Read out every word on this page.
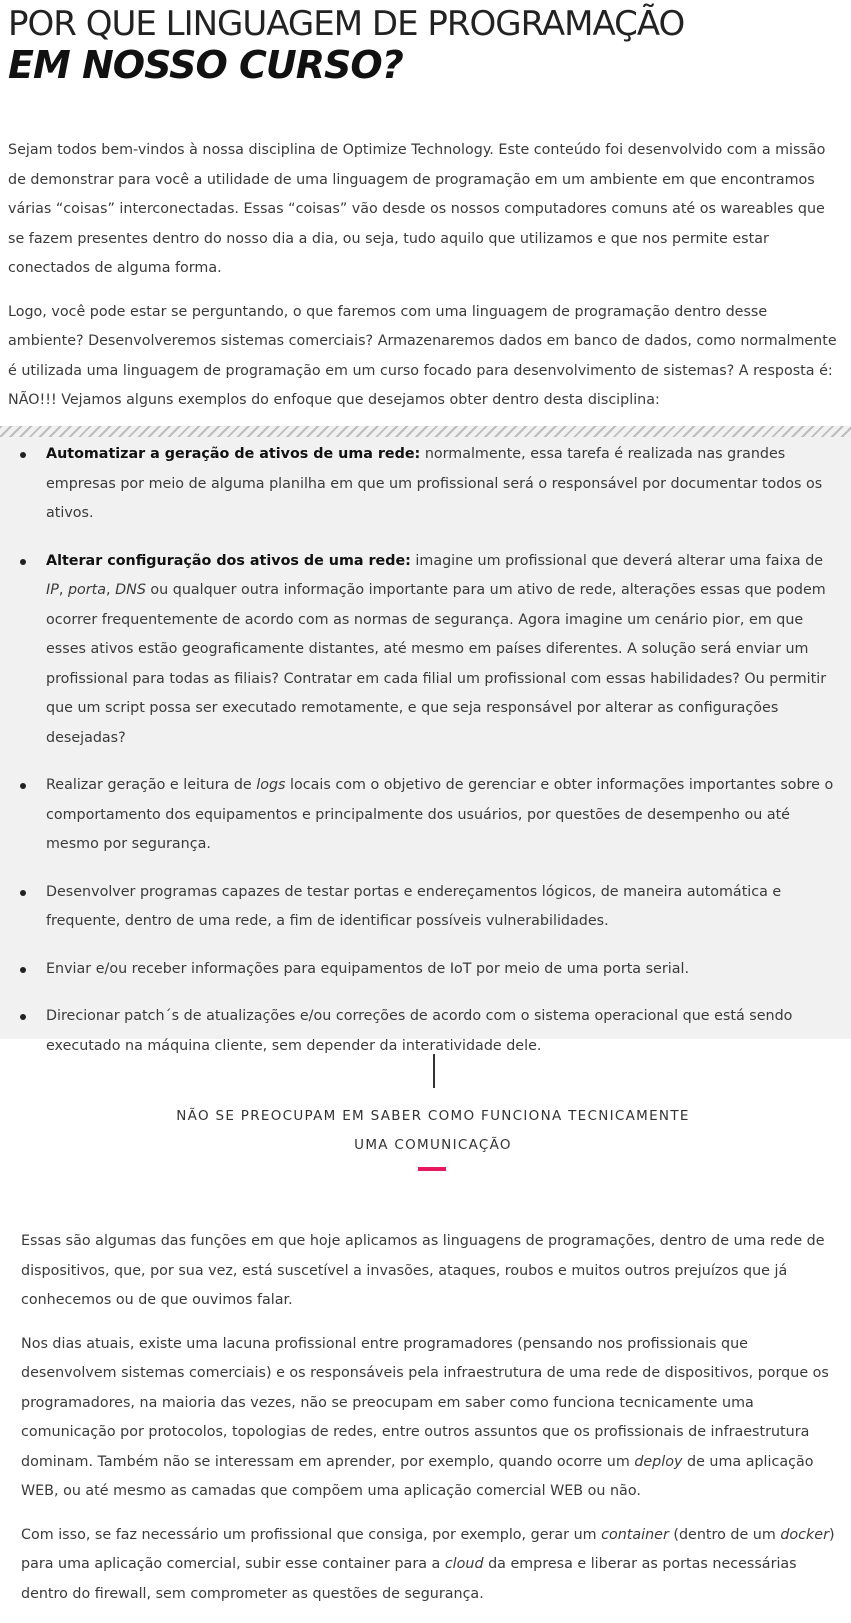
POR QUE LINGUAGEM DE PROGRAMAÇÃO
EM NOSSO CURSO?

Sejam todos bem-vindos à nossa disciplina de Optimize Technology. Este conteúdo foi desenvolvido com a missão de demonstrar para você a utilidade de uma linguagem de programação em um ambiente em que encontramos várias “coisas” interconectadas. Essas “coisas” vão desde os nossos computadores comuns até os wareables que se fazem presentes dentro do nosso dia a dia, ou seja, tudo aquilo que utilizamos e que nos permite estar conectados de alguma forma.

Logo, você pode estar se perguntando, o que faremos com uma linguagem de programação dentro desse ambiente? Desenvolveremos sistemas comerciais? Armazenaremos dados em banco de dados, como normalmente é utilizada uma linguagem de programação em um curso focado para desenvolvimento de sistemas? A resposta é: NÃO!!! Vejamos alguns exemplos do enfoque que desejamos obter dentro desta disciplina:

Automatizar a geração de ativos de uma rede: normalmente, essa tarefa é realizada nas grandes empresas por meio de alguma planilha em que um profissional será o responsável por documentar todos os ativos.
Alterar configuração dos ativos de uma rede: imagine um profissional que deverá alterar uma faixa de IP, porta, DNS ou qualquer outra informação importante para um ativo de rede, alterações essas que podem ocorrer frequentemente de acordo com as normas de segurança. Agora imagine um cenário pior, em que esses ativos estão geograficamente distantes, até mesmo em países diferentes. A solução será enviar um profissional para todas as filiais? Contratar em cada filial um profissional com essas habilidades? Ou permitir que um script possa ser executado remotamente, e que seja responsável por alterar as configurações desejadas?
Realizar geração e leitura de logs locais com o objetivo de gerenciar e obter informações importantes sobre o comportamento dos equipamentos e principalmente dos usuários, por questões de desempenho ou até mesmo por segurança.
Desenvolver programas capazes de testar portas e endereçamentos lógicos, de maneira automática e frequente, dentro de uma rede, a fim de identificar possíveis vulnerabilidades.
Enviar e/ou receber informações para equipamentos de IoT por meio de uma porta serial.
Direcionar patch´s de atualizações e/ou correções de acordo com o sistema operacional que está sendo executado na máquina cliente, sem depender da interatividade dele.
NÃO SE PREOCUPAM EM SABER COMO FUNCIONA TECNICAMENTE
UMA COMUNICAÇÃO

Essas são algumas das funções em que hoje aplicamos as linguagens de programações, dentro de uma rede de dispositivos, que, por sua vez, está suscetível a invasões, ataques, roubos e muitos outros prejuízos que já conhecemos ou de que ouvimos falar.

Nos dias atuais, existe uma lacuna profissional entre programadores (pensando nos profissionais que desenvolvem sistemas comerciais) e os responsáveis pela infraestrutura de uma rede de dispositivos, porque os programadores, na maioria das vezes, não se preocupam em saber como funciona tecnicamente uma comunicação por protocolos, topologias de redes, entre outros assuntos que os profissionais de infraestrutura dominam. Também não se interessam em aprender, por exemplo, quando ocorre um deploy de uma aplicação WEB, ou até mesmo as camadas que compõem uma aplicação comercial WEB ou não.

Com isso, se faz necessário um profissional que consiga, por exemplo, gerar um container (dentro de um docker) para uma aplicação comercial, subir esse container para a cloud da empresa e liberar as portas necessárias dentro do firewall, sem comprometer as questões de segurança.
